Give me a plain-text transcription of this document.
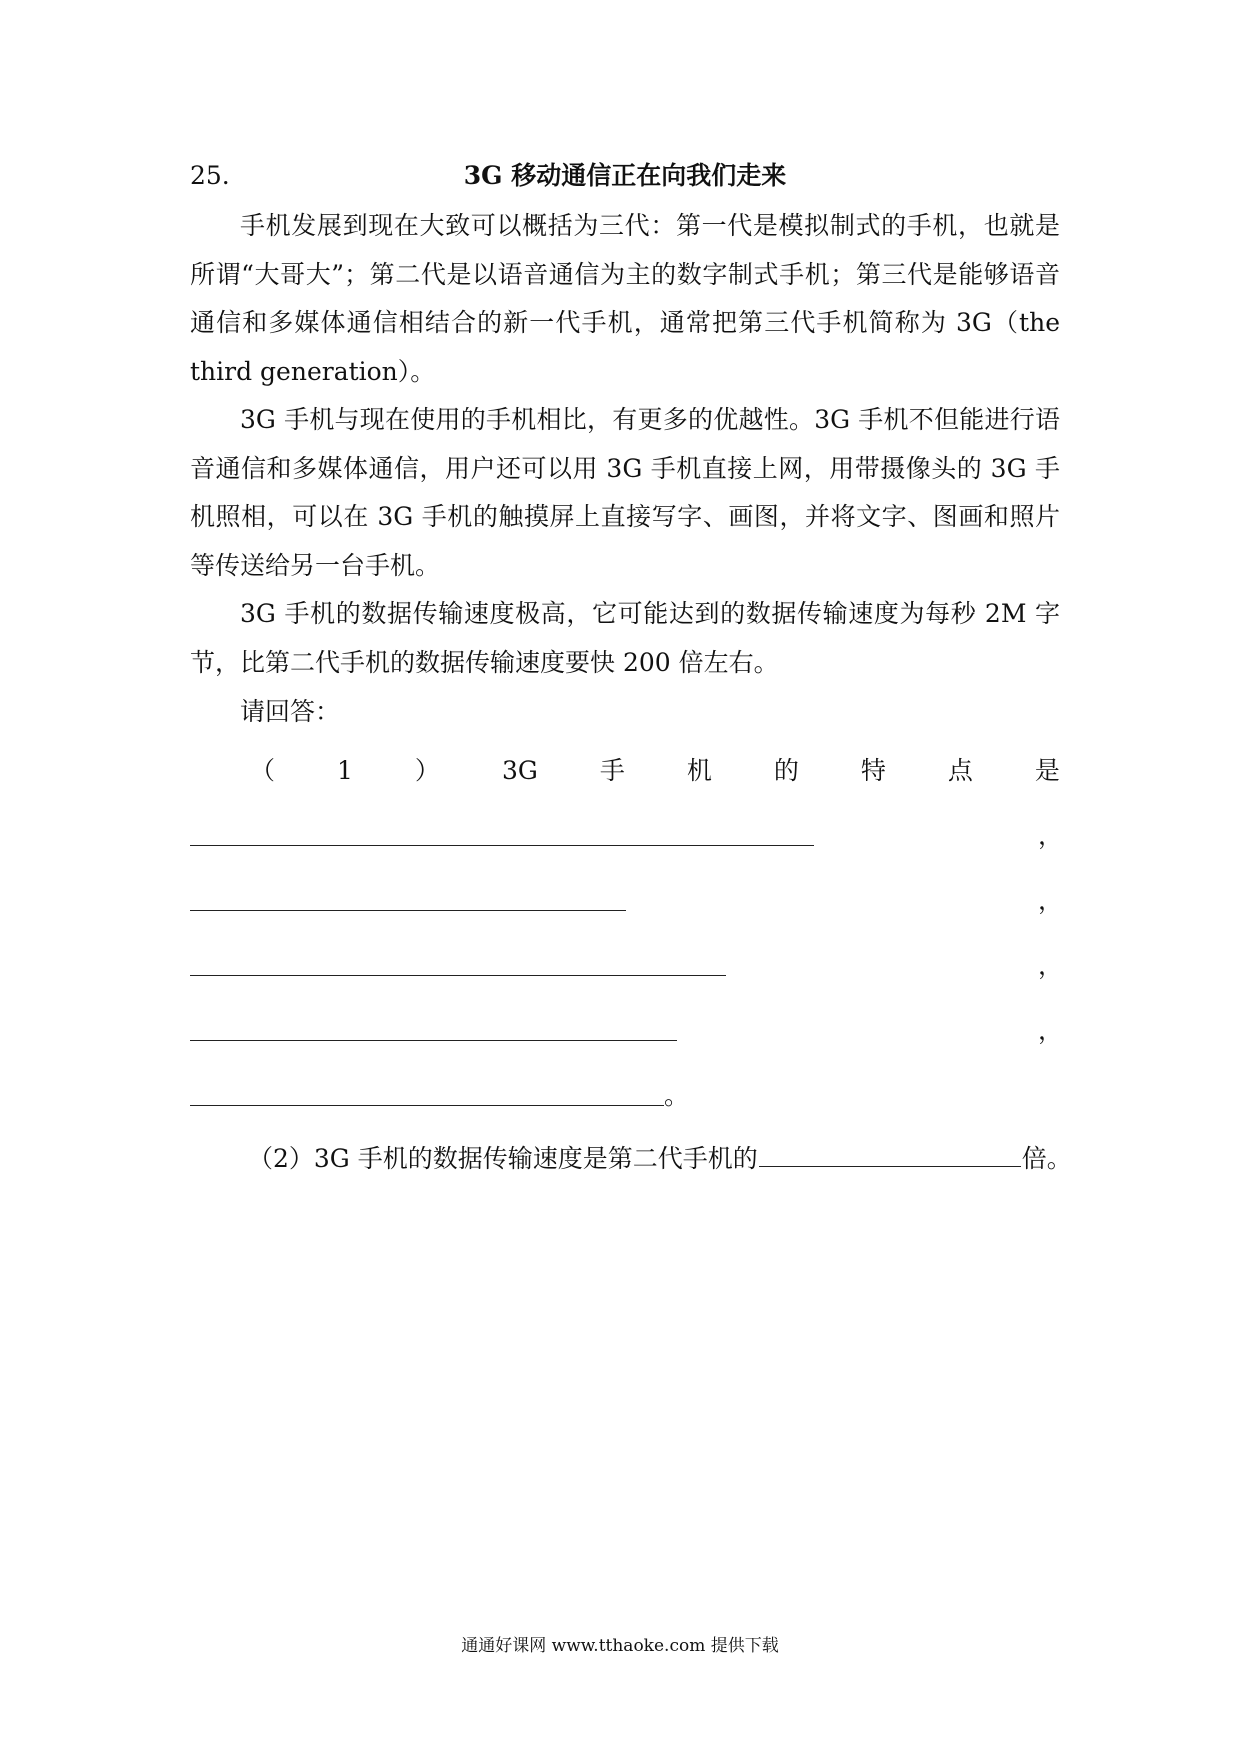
25.	3G 移动通信正在向我们走来

手机发展到现在大致可以概括为三代：第一代是模拟制式的手机，也就是所谓“大哥大”；第二代是以语音通信为主的数字制式手机；第三代是能够语音通信和多媒体通信相结合的新一代手机，通常把第三代手机简称为 3G（the third generation）。

3G 手机与现在使用的手机相比，有更多的优越性。3G 手机不但能进行语音通信和多媒体通信，用户还可以用 3G 手机直接上网，用带摄像头的 3G 手机照相，可以在 3G 手机的触摸屏上直接写字、画图，并将文字、图画和照片等传送给另一台手机。

3G 手机的数据传输速度极高，它可能达到的数据传输速度为每秒 2M 字节，比第二代手机的数据传输速度要快 200 倍左右。

请回答：
（ 1 ） 3G 手 机 的 特 点 是
，
，
，
，
。
（2）3G 手机的数据传输速度是第二代手机的	倍。
通通好课网 www.tthaoke.com 提供下载
